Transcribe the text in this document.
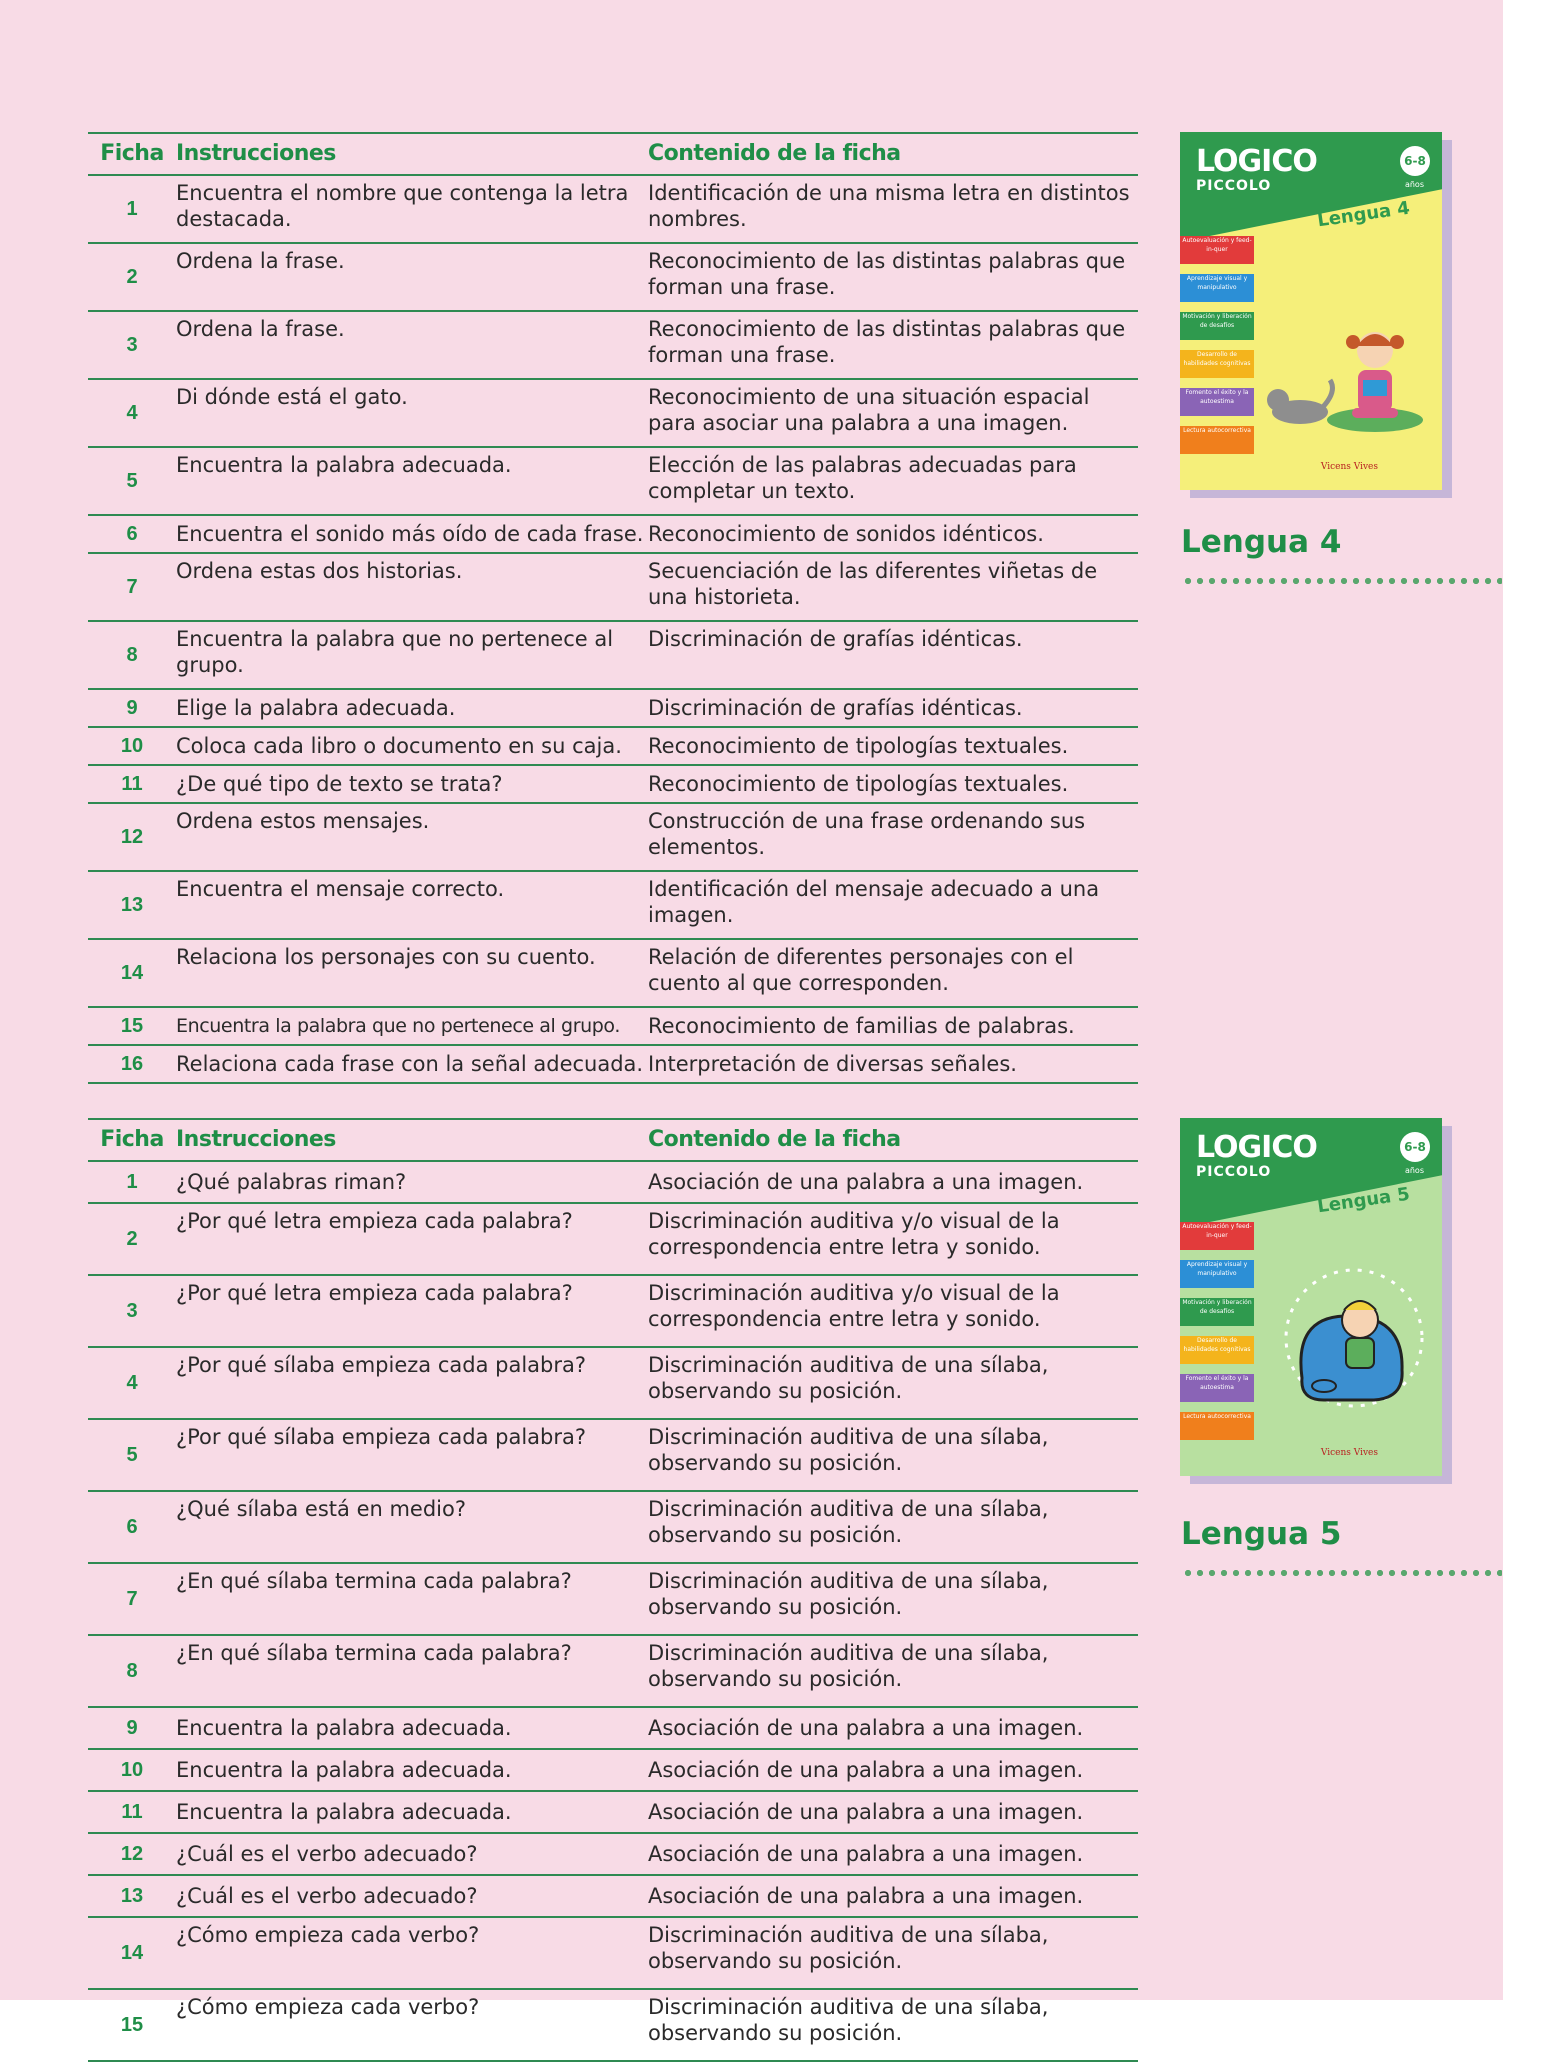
Ficha	Instrucciones	Contenido de la ficha
1	Encuentra el nombre que contenga la letra destacada.	Identificación de una misma letra en distintos nombres.
2	Ordena la frase.	Reconocimiento de las distintas palabras que forman una frase.
3	Ordena la frase.	Reconocimiento de las distintas palabras que forman una frase.
4	Di dónde está el gato.	Reconocimiento de una situación espacial para asociar una palabra a una imagen.
5	Encuentra la palabra adecuada.	Elección de las palabras adecuadas para completar un texto.
6	Encuentra el sonido más oído de cada frase.	Reconocimiento de sonidos idénticos.
7	Ordena estas dos historias.	Secuenciación de las diferentes viñetas de una historieta.
8	Encuentra la palabra que no pertenece al grupo.	Discriminación de grafías idénticas.
9	Elige la palabra adecuada.	Discriminación de grafías idénticas.
10	Coloca cada libro o documento en su caja.	Reconocimiento de tipologías textuales.
11	¿De qué tipo de texto se trata?	Reconocimiento de tipologías textuales.
12	Ordena estos mensajes.	Construcción de una frase ordenando sus elementos.
13	Encuentra el mensaje correcto.	Identificación del mensaje adecuado a una imagen.
14	Relaciona los personajes con su cuento.	Relación de diferentes personajes con el cuento al que corresponden.
15	Encuentra la palabra que no pertenece al grupo.	Reconocimiento de familias de palabras.
16	Relaciona cada frase con la señal adecuada.	Interpretación de diversas señales.
Ficha	Instrucciones	Contenido de la ficha
1	¿Qué palabras riman?	Asociación de una palabra a una imagen.
2	¿Por qué letra empieza cada palabra?	Discriminación auditiva y/o visual de la correspondencia entre letra y sonido.
3	¿Por qué letra empieza cada palabra?	Discriminación auditiva y/o visual de la correspondencia entre letra y sonido.
4	¿Por qué sílaba empieza cada palabra?	Discriminación auditiva de una sílaba, observando su posición.
5	¿Por qué sílaba empieza cada palabra?	Discriminación auditiva de una sílaba, observando su posición.
6	¿Qué sílaba está en medio?	Discriminación auditiva de una sílaba, observando su posición.
7	¿En qué sílaba termina cada palabra?	Discriminación auditiva de una sílaba, observando su posición.
8	¿En qué sílaba termina cada palabra?	Discriminación auditiva de una sílaba, observando su posición.
9	Encuentra la palabra adecuada.	Asociación de una palabra a una imagen.
10	Encuentra la palabra adecuada.	Asociación de una palabra a una imagen.
11	Encuentra la palabra adecuada.	Asociación de una palabra a una imagen.
12	¿Cuál es el verbo adecuado?	Asociación de una palabra a una imagen.
13	¿Cuál es el verbo adecuado?	Asociación de una palabra a una imagen.
14	¿Cómo empieza cada verbo?	Discriminación auditiva de una sílaba, observando su posición.
15	¿Cómo empieza cada verbo?	Discriminación auditiva de una sílaba, observando su posición.
LOGICO
PICCOLO
6-8
años
Lengua 4
Autoevaluación y feed-in-quer
Aprendizaje visual y manipulativo
Motivación y liberación de desafíos
Desarrollo de habilidades cognitivas
Fomento el éxito y la autoestima
Lectura autocorrectiva
Vicens Vives
Lengua 4
LOGICO
PICCOLO
6-8
años
Lengua 5
Autoevaluación y feed-in-quer
Aprendizaje visual y manipulativo
Motivación y liberación de desafíos
Desarrollo de habilidades cognitivas
Fomento el éxito y la autoestima
Lectura autocorrectiva
Vicens Vives
Lengua 5
